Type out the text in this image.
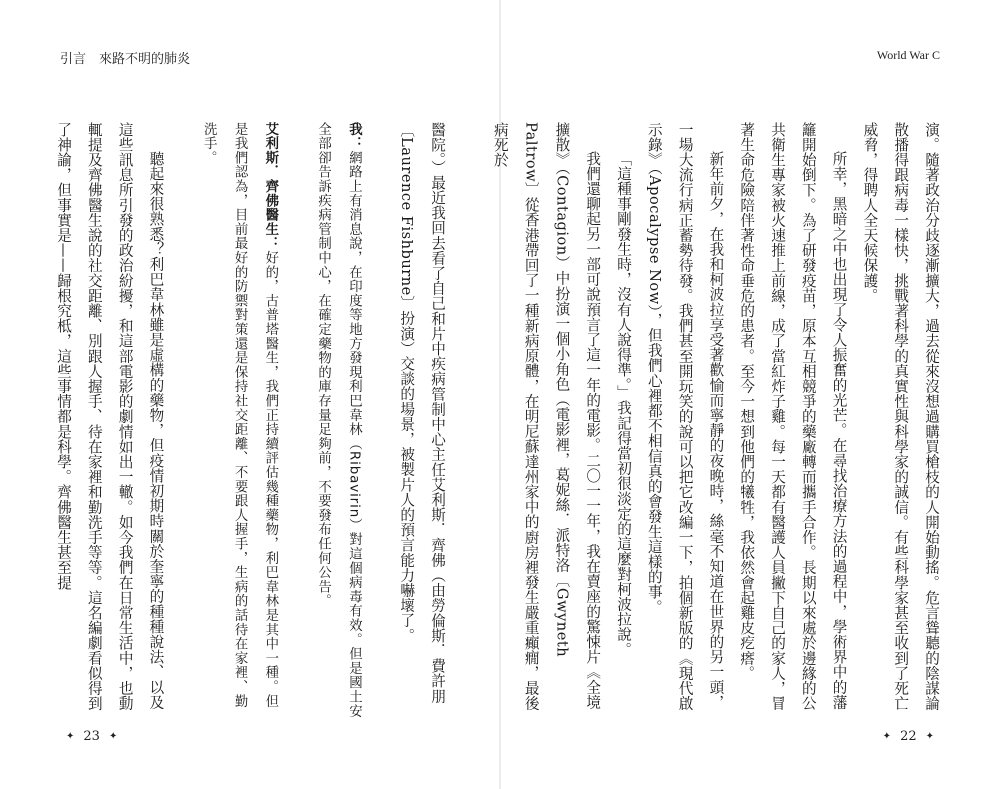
引言　來路不明的肺炎	World War C

演。隨著政治分歧逐漸擴大，過去從來沒想過購買槍枝的人開始動搖。危言聳聽的陰謀論散播得跟病毒一樣快，挑戰著科學的真實性與科學家的誠信。有些科學家甚至收到了死亡威脅，得聘人全天候保護。

所幸，黑暗之中也出現了令人振奮的光芒。在尋找治療方法的過程中，學術界中的藩籬開始倒下。為了研發疫苗，原本互相競爭的藥廠轉而攜手合作。長期以來處於邊緣的公共衛生專家被火速推上前線，成了當紅炸子雞。每一天都有醫護人員撇下自己的家人，冒著生命危險陪伴著性命垂危的患者。至今一想到他們的犧牲，我依然會起雞皮疙瘩。

新年前夕，在我和柯波拉享受著歡愉而寧靜的夜晚時，絲毫不知道在世界的另一頭，一場大流行病正蓄勢待發。我們甚至開玩笑的說可以把它改編一下，拍個新版的《現代啟示錄》（Apocalypse Now），但我們心裡都不相信真的會發生這樣的事。

「這種事剛發生時，沒有人說得準。」我記得當初很淡定的這麼對柯波拉說。

我們還聊起另一部可說預言了這一年的電影。二〇一一年，我在賣座的驚悚片《全境擴散》（Contagion）中扮演一個小角色（電影裡，葛妮絲．派特洛〔Gwyneth Paltrow〕從香港帶回了一種新病原體，在明尼蘇達州家中的廚房裡發生嚴重癲癇，最後病死於

醫院。）最近我回去看了自己和片中疾病管制中心主任艾利斯．齊佛（由勞倫斯．費許朋〔Laurence Fishburne〕扮演）交談的場景，被製片人的預言能力嚇壞了。

我：網路上有消息說，在印度等地方發現利巴韋林（Ribavirin）對這個病毒有效。但是國土安全部卻告訴疾病管制中心，在確定藥物的庫存量足夠前，不要發布任何公告。

艾利斯．齊佛醫生：好的，古普塔醫生，我們正持續評估幾種藥物，利巴韋林是其中一種。但是我們認為，目前最好的防禦對策還是保持社交距離、不要跟人握手，生病的話待在家裡、勤洗手。

聽起來很熟悉？利巴韋林雖是虛構的藥物，但疫情初期時關於奎寧的種種說法、以及這些訊息所引發的政治紛擾，和這部電影的劇情如出一轍。如今我們在日常生活中，也動輒提及齊佛醫生說的社交距離、別跟人握手、待在家裡和勤洗手等等。這名編劇看似得到了神諭，但事實是——歸根究柢，這些事情都是科學。齊佛醫生甚至提

✦ 23 ✦	✦ 22 ✦
